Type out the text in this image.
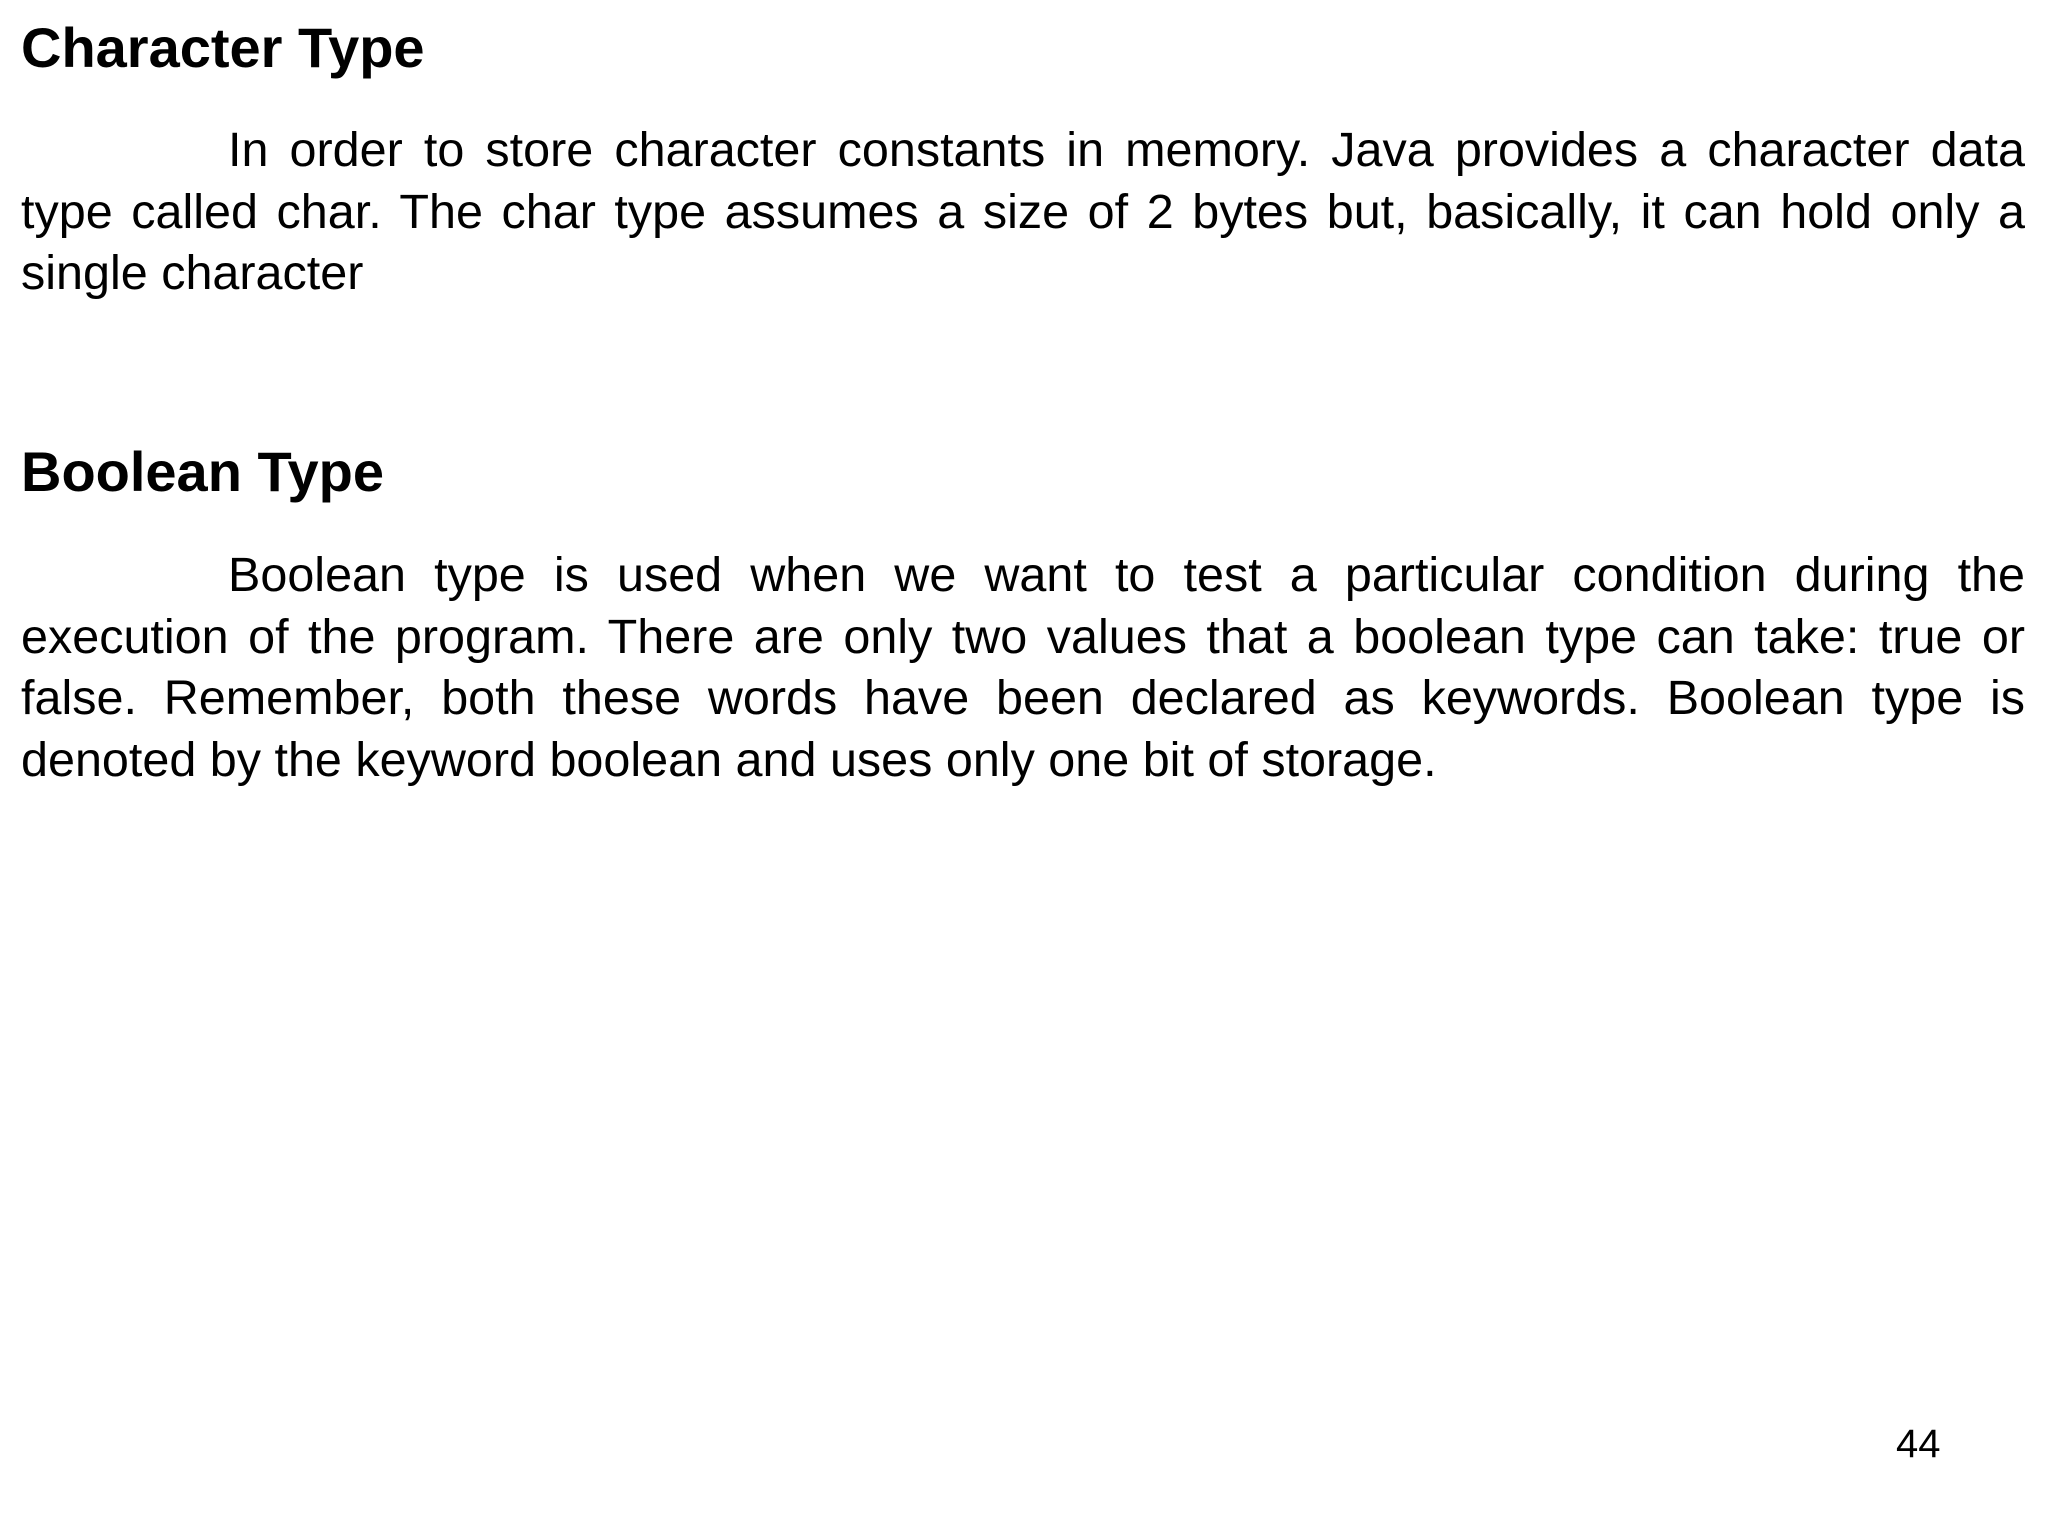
Character Type

In order to store character constants in memory. Java provides a character data type called char. The char type assumes a size of 2 bytes but, basically, it can hold only a single character

Boolean Type

Boolean type is used when we want to test a particular condition during the execution of the program. There are only two values that a boolean type can take: true or false. Remember, both these words have been declared as keywords. Boolean type is denoted by the keyword boolean and uses only one bit of storage.

44
